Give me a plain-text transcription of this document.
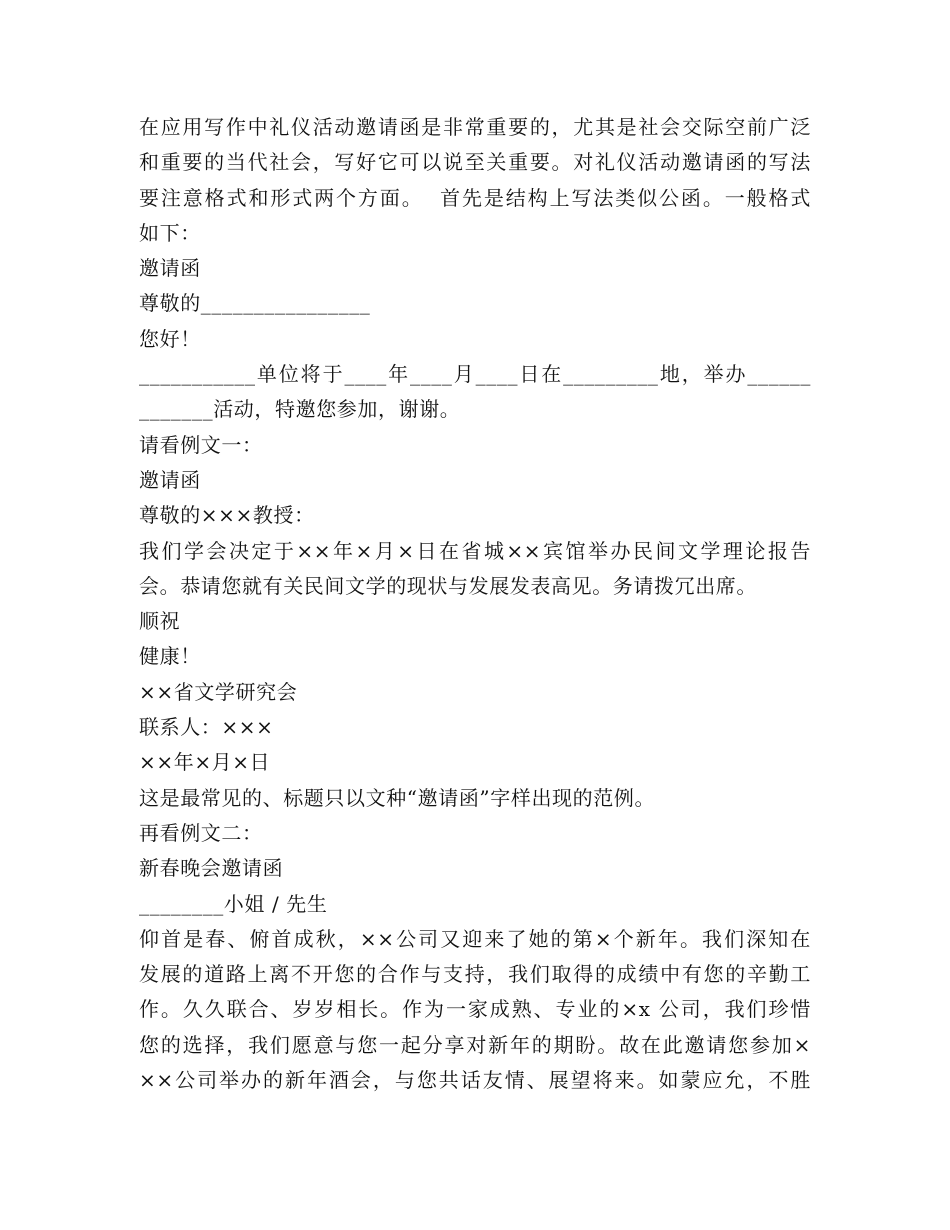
在应用写作中礼仪活动邀请函是非常重要的，尤其是社会交际空前广泛
和重要的当代社会，写好它可以说至关重要。对礼仪活动邀请函的写法
要注意格式和形式两个方面。  首先是结构上写法类似公函。一般格式
如下：
邀请函
尊敬的________________
您好！
___________单位将于____年____月____日在_________地，举办______
_______活动，特邀您参加，谢谢。
请看例文一：
邀请函
尊敬的×××教授：
我们学会决定于××年×月×日在省城××宾馆举办民间文学理论报告
会。恭请您就有关民间文学的现状与发展发表高见。务请拨冗出席。
顺祝
健康！
××省文学研究会
联系人：×××
××年×月×日
这是最常见的、标题只以文种“邀请函”字样出现的范例。
再看例文二：
新春晚会邀请函
________小姐 / 先生
仰首是春、俯首成秋，××公司又迎来了她的第×个新年。我们深知在
发展的道路上离不开您的合作与支持，我们取得的成绩中有您的辛勤工
作。久久联合、岁岁相长。作为一家成熟、专业的×x 公司，我们珍惜
您的选择，我们愿意与您一起分享对新年的期盼。故在此邀请您参加×
××公司举办的新年酒会，与您共话友情、展望将来。如蒙应允，不胜
